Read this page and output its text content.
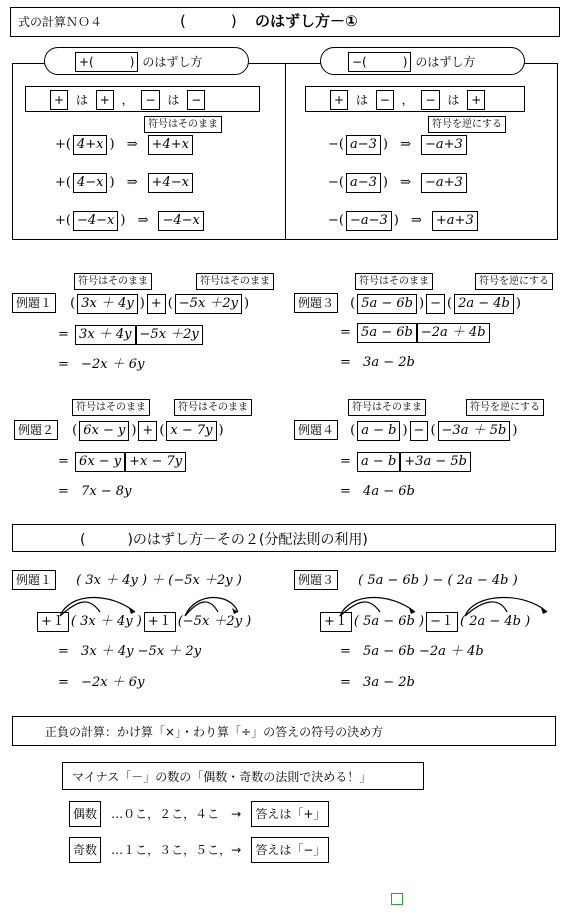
式の計算ＮＯ４	(　　　) のはずし方－①
+(　　　) のはずし方
+ は + ， − は −
符号はそのまま
+( 4+x ) ⇒ +4+x
+( 4−x ) ⇒ +4−x
+( −4−x ) ⇒ −4−x
−(　　　) のはずし方
+ は − ， − は +
符号を逆にする
−( a−3 ) ⇒ −a+3
−( a−3 ) ⇒ −a+3
−( −a−3 ) ⇒ +a+3
符号はそのまま	符号はそのまま
例題１ ( 3x ＋ 4y ) + ( −5x ＋2y )
= 3x ＋ 4y −5x ＋2y
= −2x ＋ 6y
符号はそのまま	符号を逆にする
例題３ ( 5a − 6b ) − ( 2a − 4b )
= 5a − 6b −2a ＋ 4b
= 3a − 2b
符号はそのまま	符号はそのまま
例題２ ( 6x − y ) + ( x − 7y )
= 6x − y +x − 7y
= 7x − 8y
符号はそのまま	符号を逆にする
例題４ ( a − b ) − ( −3a ＋ 5b )
= a − b +3a − 5b
= 4a − 6b
(　　　)のはずし方－その２(分配法則の利用)
例題１ ( 3x ＋ 4y ) ＋ (−5x ＋2y )
+１ ( 3x ＋ 4y ) +１ (−5x ＋2y )
= 3x ＋ 4y −5x ＋ 2y
= −2x ＋ 6y
例題３ ( 5a − 6b ) − ( 2a − 4b )
+１ ( 5a − 6b ) −１ ( 2a − 4b )
= 5a − 6b −2a ＋ 4b
= 3a − 2b
正負の計算：かけ算「×」・わり算「÷」の答えの符号の決め方
マイナス「－」の数の「偶数・奇数の法則で決める！」
偶数 …０こ，２こ，４こ　→ 答えは「+」
奇数 …１こ，３こ，５こ，→ 答えは「−」
